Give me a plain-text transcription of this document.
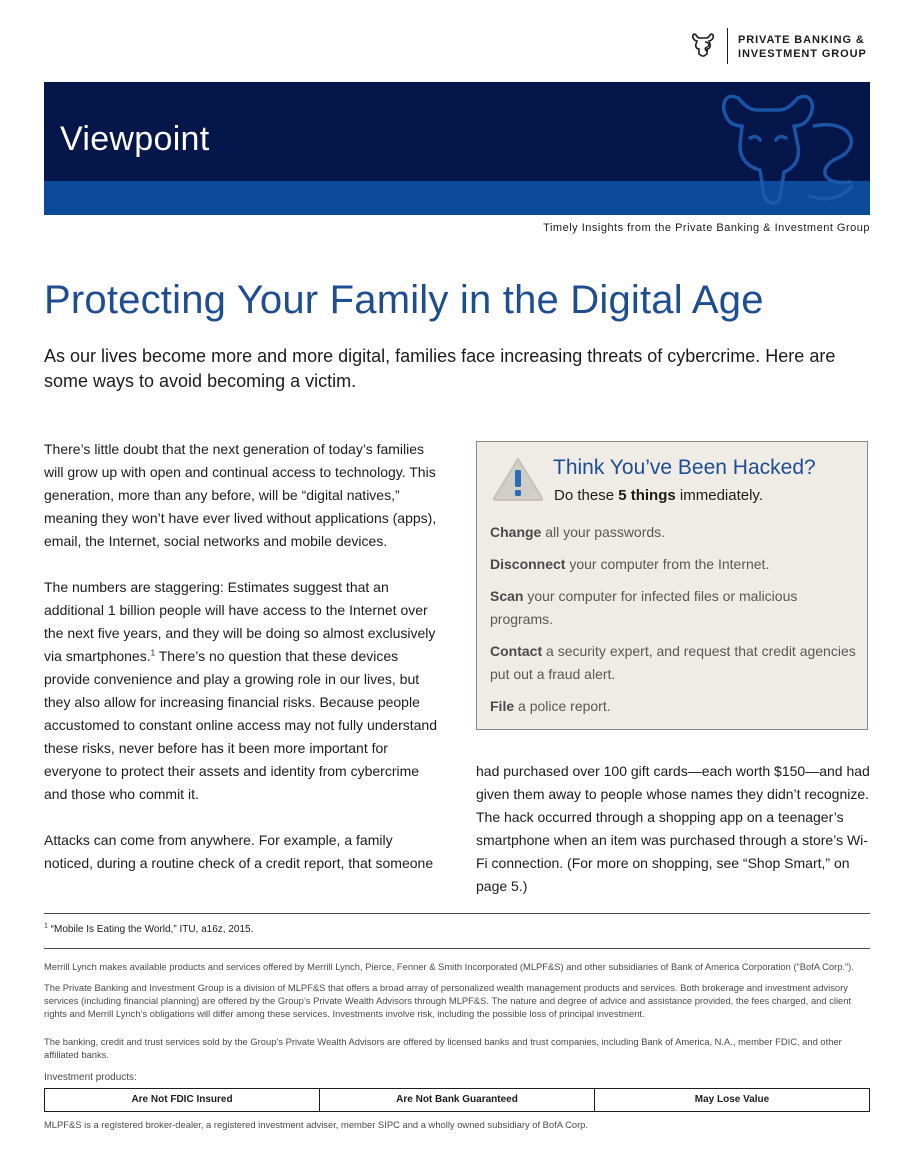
PRIVATE BANKING &
INVESTMENT GROUP
Viewpoint
Timely Insights from the Private Banking & Investment Group
Protecting Your Family in the Digital Age
As our lives become more and more digital, families face increasing threats of cybercrime. Here are some ways to avoid becoming a victim.

There’s little doubt that the next generation of today’s families will grow up with open and continual access to technology. This generation, more than any before, will be “digital natives,” meaning they won’t have ever lived without applications (apps), email, the Internet, social networks and mobile devices.

The numbers are staggering: Estimates suggest that an additional 1 billion people will have access to the Internet over the next five years, and they will be doing so almost exclusively via smartphones.$^1$ There’s no question that these devices provide convenience and play a growing role in our lives, but they also allow for increasing financial risks. Because people accustomed to constant online access may not fully understand these risks, never before has it been more important for everyone to protect their assets and identity from cybercrime and those who commit it.

Attacks can come from anywhere. For example, a family noticed, during a routine check of a credit report, that someone

Think You’ve Been Hacked?
Do these 5 things immediately.
Change all your passwords.
Disconnect your computer from the Internet.
Scan your computer for infected files or malicious programs.
Contact a security expert, and request that credit agencies put out a fraud alert.
File a police report.
had purchased over 100 gift cards—each worth $150—and had given them away to people whose names they didn’t recognize. The hack occurred through a shopping app on a teenager’s smartphone when an item was purchased through a store’s Wi-Fi connection. (For more on shopping, see “Shop Smart,” on page 5.)
$^1$ “Mobile Is Eating the World,” ITU, a16z, 2015.
Merrill Lynch makes available products and services offered by Merrill Lynch, Pierce, Fenner & Smith Incorporated (MLPF&S) and other subsidiaries of Bank of America Corporation (“BofA Corp.”).
The Private Banking and Investment Group is a division of MLPF&S that offers a broad array of personalized wealth management products and services. Both brokerage and investment advisory services (including financial planning) are offered by the Group’s Private Wealth Advisors through MLPF&S. The nature and degree of advice and assistance provided, the fees charged, and client rights and Merrill Lynch’s obligations will differ among these services. Investments involve risk, including the possible loss of principal investment.
The banking, credit and trust services sold by the Group’s Private Wealth Advisors are offered by licensed banks and trust companies, including Bank of America, N.A., member FDIC, and other affiliated banks.
Investment products:
Are Not FDIC Insured	Are Not Bank Guaranteed	May Lose Value
MLPF&S is a registered broker-dealer, a registered investment adviser, member SIPC and a wholly owned subsidiary of BofA Corp.
